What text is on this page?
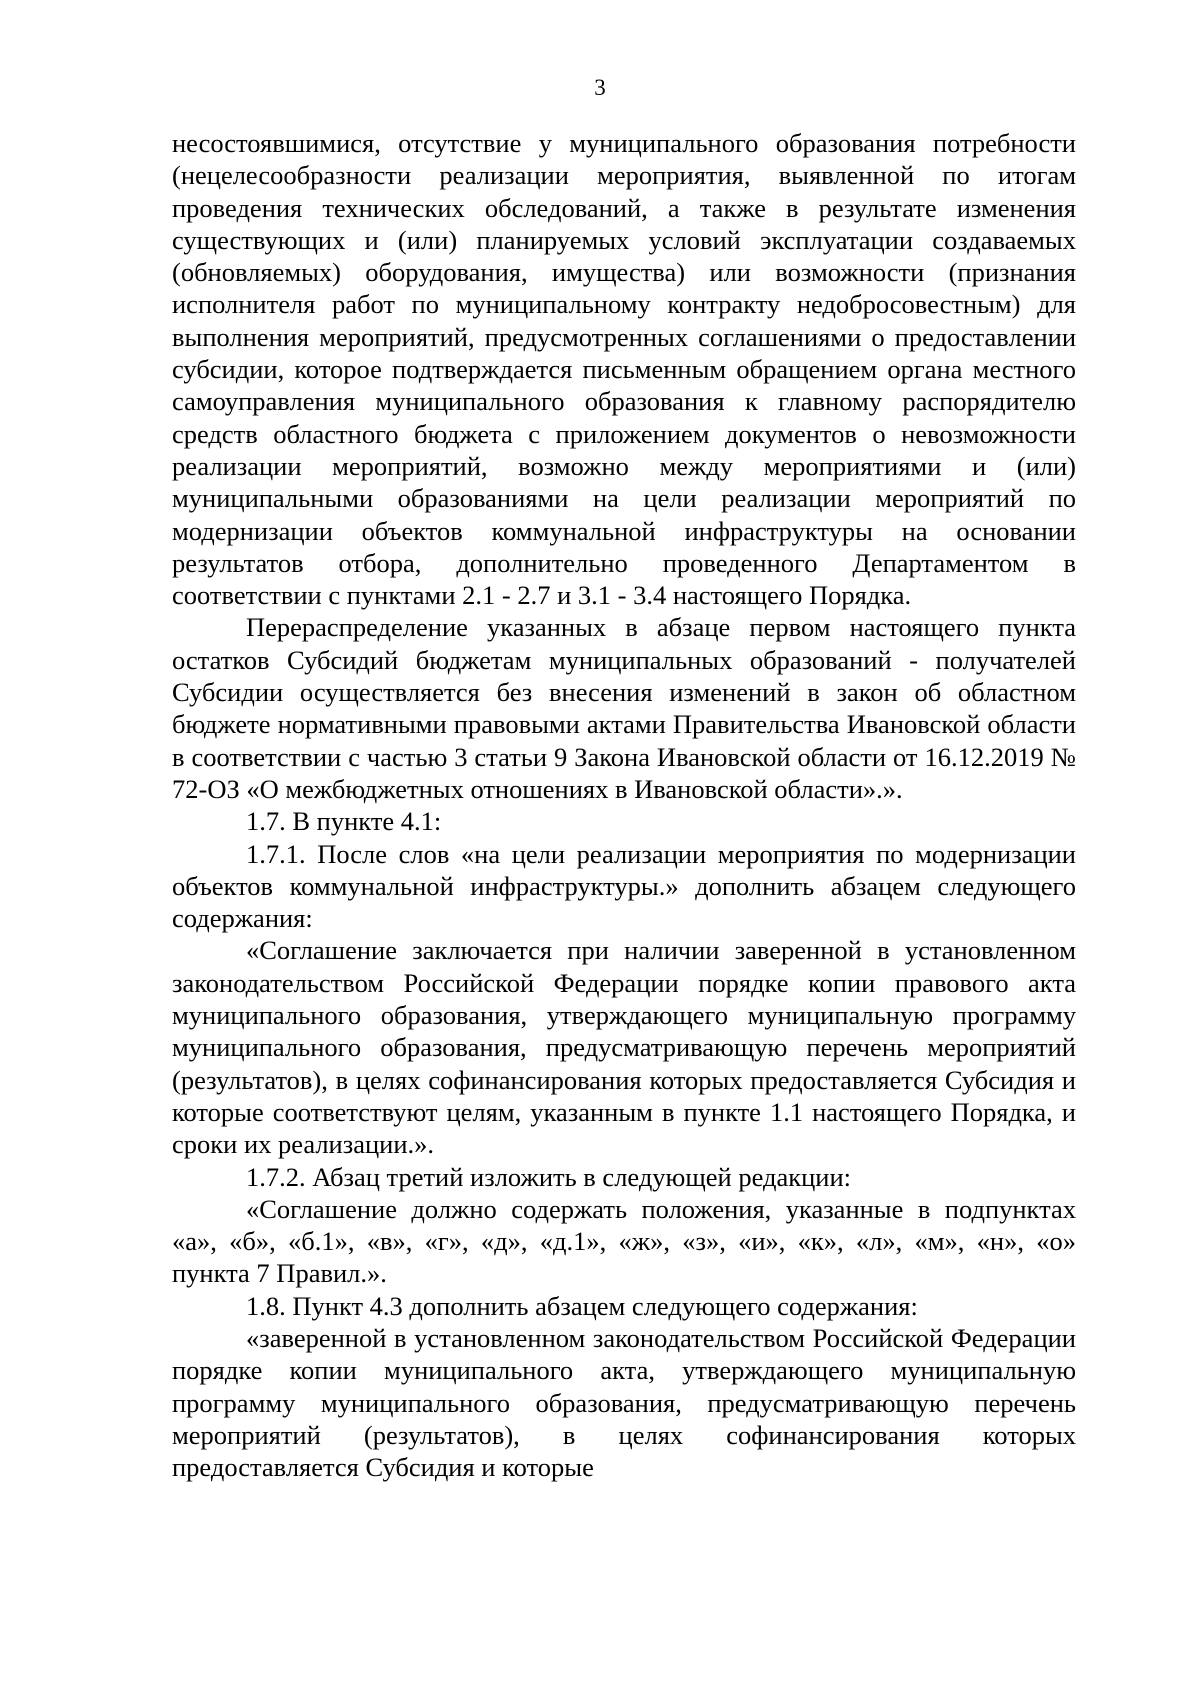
3

несостоявшимися, отсутствие у муниципального образования потребности (нецелесообразности реализации мероприятия, выявленной по итогам проведения технических обследований, а также в результате изменения существующих и (или) планируемых условий эксплуатации создаваемых (обновляемых) оборудования, имущества) или возможности (признания исполнителя работ по муниципальному контракту недобросовестным) для выполнения мероприятий, предусмотренных соглашениями о предоставлении субсидии, которое подтверждается письменным обращением органа местного самоуправления муниципального образования к главному распорядителю средств областного бюджета с приложением документов о невозможности реализации мероприятий, возможно между мероприятиями и (или) муниципальными образованиями на цели реализации мероприятий по модернизации объектов коммунальной инфраструктуры на основании результатов отбора, дополнительно проведенного Департаментом в соответствии с пунктами 2.1 - 2.7 и 3.1 - 3.4 настоящего Порядка.

Перераспределение указанных в абзаце первом настоящего пункта остатков Субсидий бюджетам муниципальных образований - получателей Субсидии осуществляется без внесения изменений в закон об областном бюджете нормативными правовыми актами Правительства Ивановской области в соответствии с частью 3 статьи 9 Закона Ивановской области от 16.12.2019 № 72-ОЗ «О межбюджетных отношениях в Ивановской области».».

1.7. В пункте 4.1:

1.7.1. После слов «на цели реализации мероприятия по модернизации объектов коммунальной инфраструктуры.» дополнить абзацем следующего содержания:

«Соглашение заключается при наличии заверенной в установленном законодательством Российской Федерации порядке копии правового акта муниципального образования, утверждающего муниципальную программу муниципального образования, предусматривающую перечень мероприятий (результатов), в целях софинансирования которых предоставляется Субсидия и которые соответствуют целям, указанным в пункте 1.1 настоящего Порядка, и сроки их реализации.».

1.7.2. Абзац третий изложить в следующей редакции:

«Соглашение должно содержать положения, указанные в подпунктах «а», «б», «б.1», «в», «г», «д», «д.1», «ж», «з», «и», «к», «л», «м», «н», «о» пункта 7 Правил.».

1.8. Пункт 4.3 дополнить абзацем следующего содержания:

«заверенной в установленном законодательством Российской Федерации порядке копии муниципального акта, утверждающего муниципальную программу муниципального образования, предусматривающую перечень мероприятий (результатов), в целях софинансирования которых предоставляется Субсидия и которые
